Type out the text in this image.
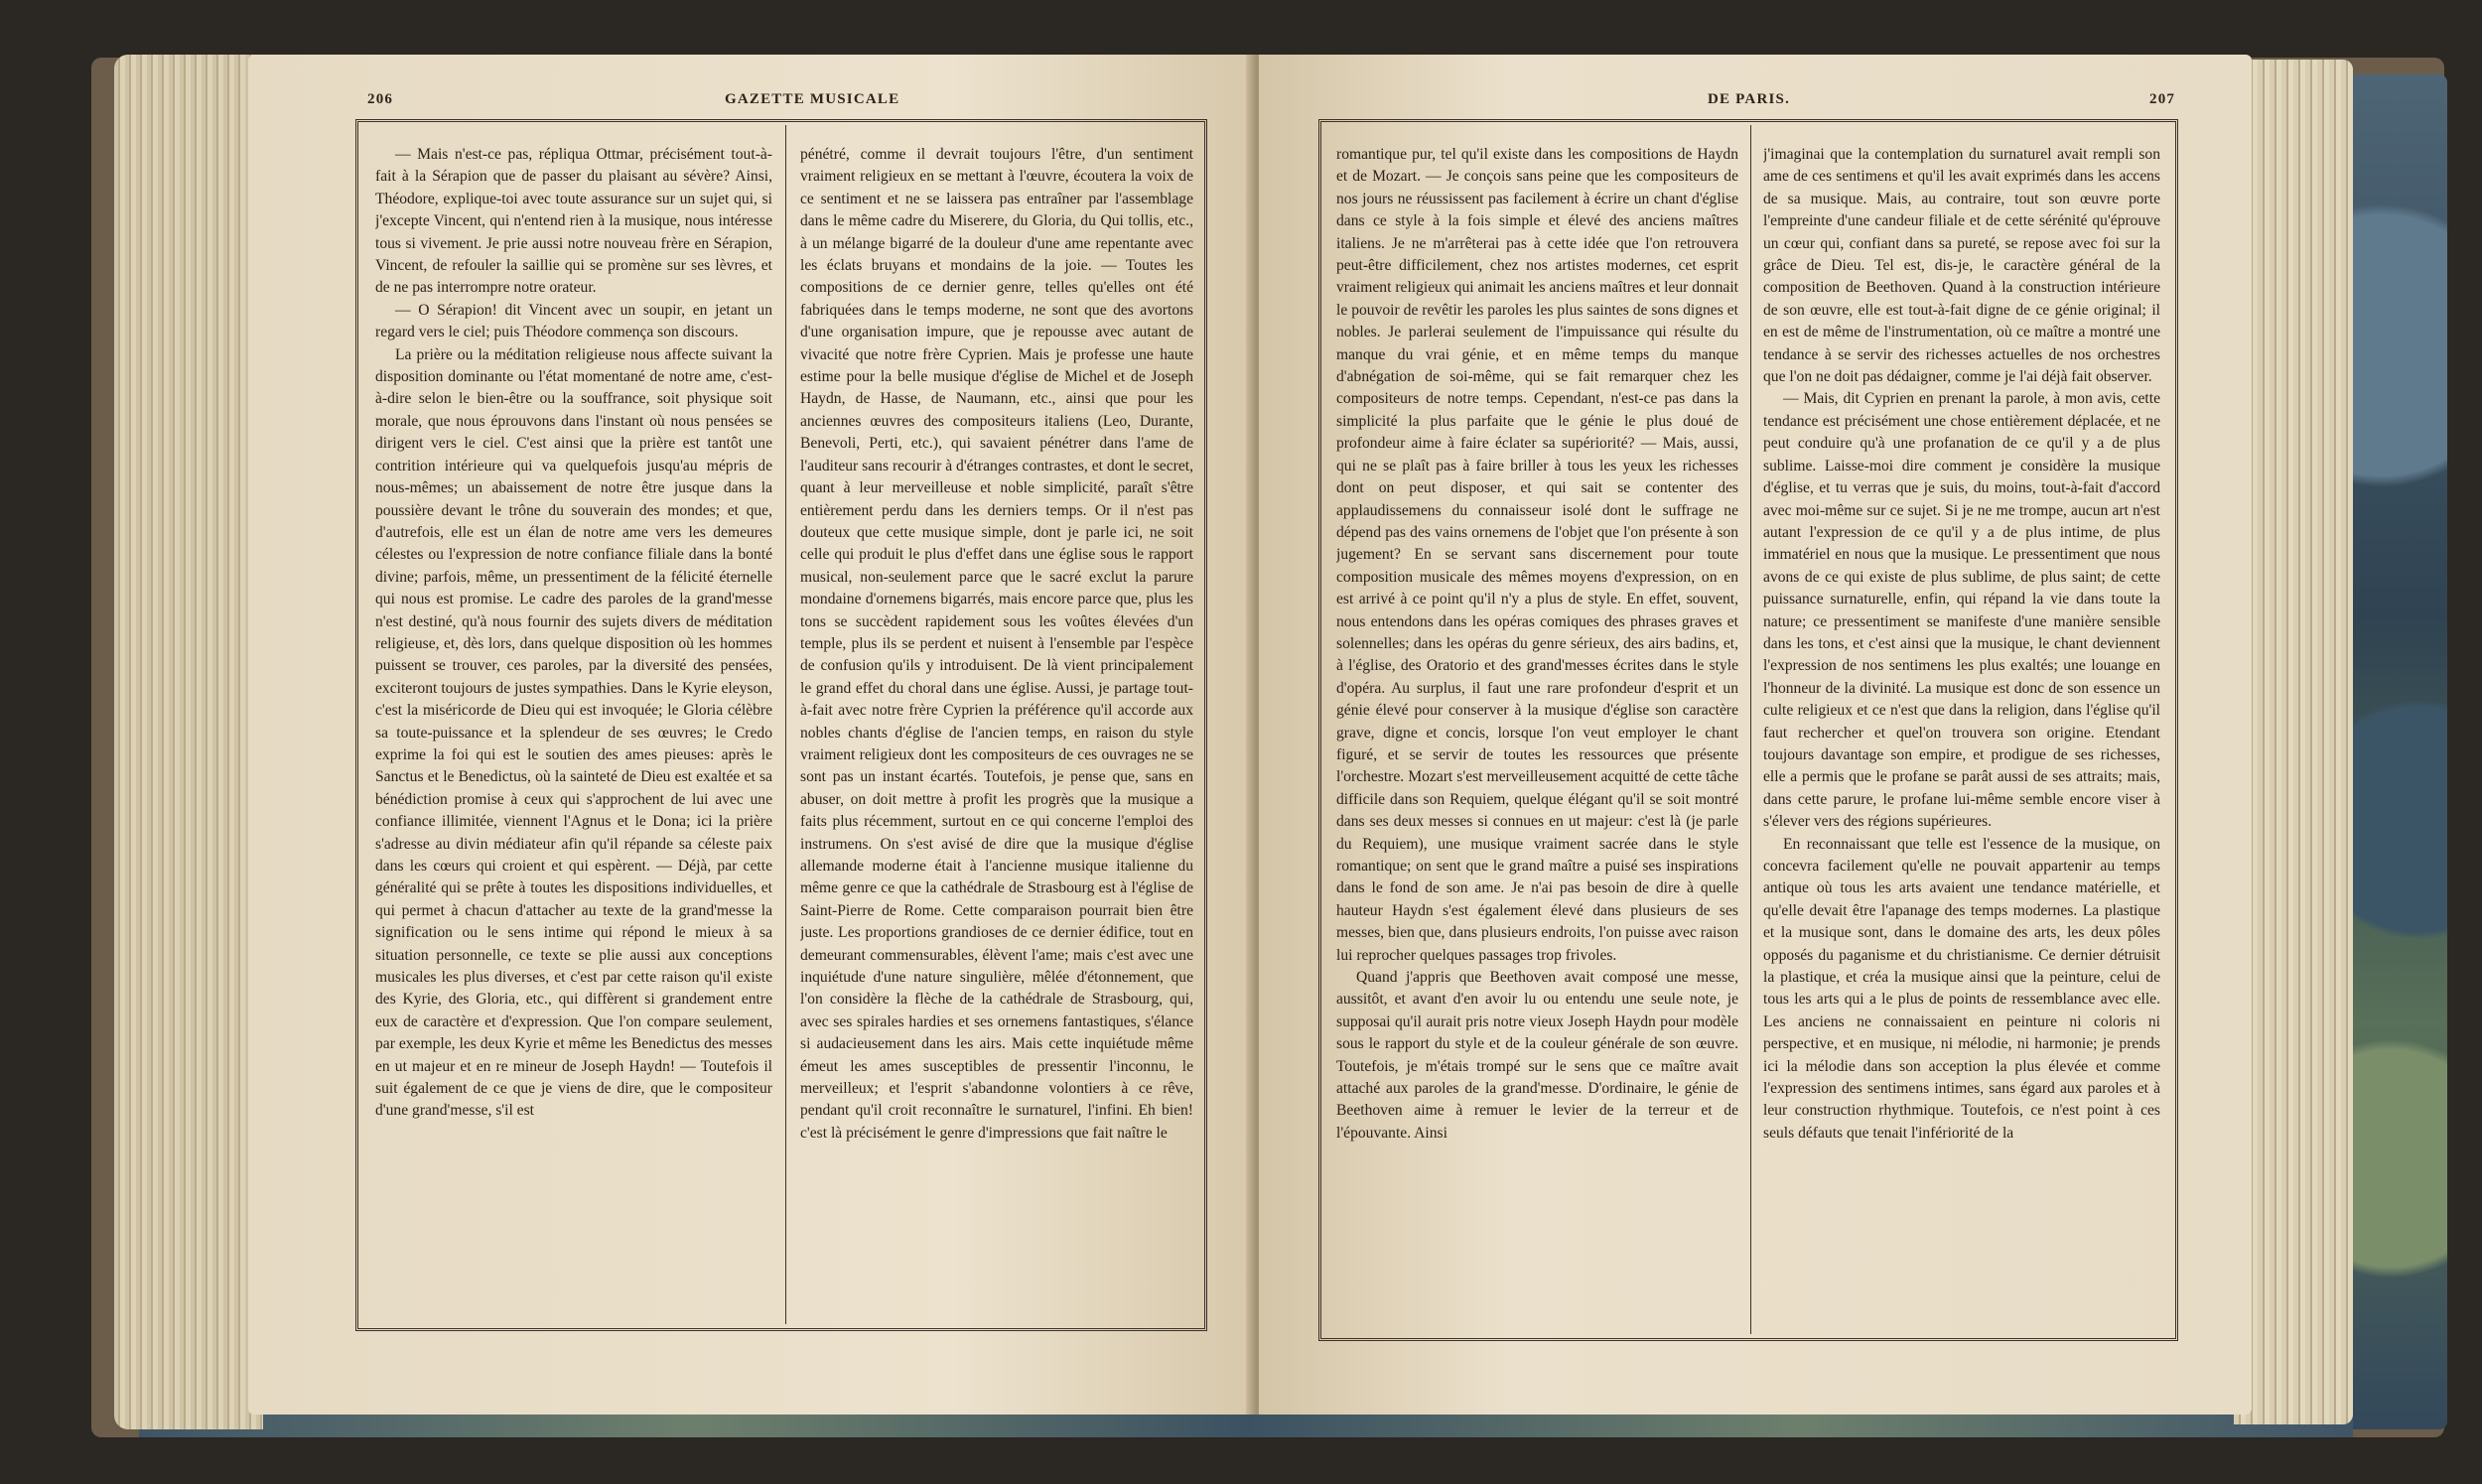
206	GAZETTE MUSICALE

— Mais n'est-ce pas, répliqua Ottmar, précisément tout-à-fait à la Sérapion que de passer du plaisant au sévère? Ainsi, Théodore, explique-toi avec toute assurance sur un sujet qui, si j'excepte Vincent, qui n'entend rien à la musique, nous intéresse tous si vivement. Je prie aussi notre nouveau frère en Sérapion, Vincent, de refouler la saillie qui se promène sur ses lèvres, et de ne pas interrompre notre orateur.

— O Sérapion! dit Vincent avec un soupir, en jetant un regard vers le ciel; puis Théodore commença son discours.

La prière ou la méditation religieuse nous affecte suivant la disposition dominante ou l'état momentané de notre ame, c'est-à-dire selon le bien-être ou la souffrance, soit physique soit morale, que nous éprouvons dans l'instant où nous pensées se dirigent vers le ciel. C'est ainsi que la prière est tantôt une contrition intérieure qui va quelquefois jusqu'au mépris de nous-mêmes; un abaissement de notre être jusque dans la poussière devant le trône du souverain des mondes; et que, d'autrefois, elle est un élan de notre ame vers les demeures célestes ou l'expression de notre confiance filiale dans la bonté divine; parfois, même, un pressentiment de la félicité éternelle qui nous est promise. Le cadre des paroles de la grand'messe n'est destiné, qu'à nous fournir des sujets divers de méditation religieuse, et, dès lors, dans quelque disposition où les hommes puissent se trouver, ces paroles, par la diversité des pensées, exciteront toujours de justes sympathies. Dans le Kyrie eleyson, c'est la miséricorde de Dieu qui est invoquée; le Gloria célèbre sa toute-puissance et la splendeur de ses œuvres; le Credo exprime la foi qui est le soutien des ames pieuses: après le Sanctus et le Benedictus, où la sainteté de Dieu est exaltée et sa bénédiction promise à ceux qui s'approchent de lui avec une confiance illimitée, viennent l'Agnus et le Dona; ici la prière s'adresse au divin médiateur afin qu'il répande sa céleste paix dans les cœurs qui croient et qui espèrent. — Déjà, par cette généralité qui se prête à toutes les dispositions individuelles, et qui permet à chacun d'attacher au texte de la grand'messe la signification ou le sens intime qui répond le mieux à sa situation personnelle, ce texte se plie aussi aux conceptions musicales les plus diverses, et c'est par cette raison qu'il existe des Kyrie, des Gloria, etc., qui diffèrent si grandement entre eux de caractère et d'expression. Que l'on compare seulement, par exemple, les deux Kyrie et même les Benedictus des messes en ut majeur et en re mineur de Joseph Haydn! — Toutefois il suit également de ce que je viens de dire, que le compositeur d'une grand'messe, s'il est

pénétré, comme il devrait toujours l'être, d'un sentiment vraiment religieux en se mettant à l'œuvre, écoutera la voix de ce sentiment et ne se laissera pas entraîner par l'assemblage dans le même cadre du Miserere, du Gloria, du Qui tollis, etc., à un mélange bigarré de la douleur d'une ame repentante avec les éclats bruyans et mondains de la joie. — Toutes les compositions de ce dernier genre, telles qu'elles ont été fabriquées dans le temps moderne, ne sont que des avortons d'une organisation impure, que je repousse avec autant de vivacité que notre frère Cyprien. Mais je professe une haute estime pour la belle musique d'église de Michel et de Joseph Haydn, de Hasse, de Naumann, etc., ainsi que pour les anciennes œuvres des compositeurs italiens (Leo, Durante, Benevoli, Perti, etc.), qui savaient pénétrer dans l'ame de l'auditeur sans recourir à d'étranges contrastes, et dont le secret, quant à leur merveilleuse et noble simplicité, paraît s'être entièrement perdu dans les derniers temps. Or il n'est pas douteux que cette musique simple, dont je parle ici, ne soit celle qui produit le plus d'effet dans une église sous le rapport musical, non-seulement parce que le sacré exclut la parure mondaine d'ornemens bigarrés, mais encore parce que, plus les tons se succèdent rapidement sous les voûtes élevées d'un temple, plus ils se perdent et nuisent à l'ensemble par l'espèce de confusion qu'ils y introduisent. De là vient principalement le grand effet du choral dans une église. Aussi, je partage tout-à-fait avec notre frère Cyprien la préférence qu'il accorde aux nobles chants d'église de l'ancien temps, en raison du style vraiment religieux dont les compositeurs de ces ouvrages ne se sont pas un instant écartés. Toutefois, je pense que, sans en abuser, on doit mettre à profit les progrès que la musique a faits plus récemment, surtout en ce qui concerne l'emploi des instrumens. On s'est avisé de dire que la musique d'église allemande moderne était à l'ancienne musique italienne du même genre ce que la cathédrale de Strasbourg est à l'église de Saint-Pierre de Rome. Cette comparaison pourrait bien être juste. Les proportions grandioses de ce dernier édifice, tout en demeurant commensurables, élèvent l'ame; mais c'est avec une inquiétude d'une nature singulière, mêlée d'étonnement, que l'on considère la flèche de la cathédrale de Strasbourg, qui, avec ses spirales hardies et ses ornemens fantastiques, s'élance si audacieusement dans les airs. Mais cette inquiétude même émeut les ames susceptibles de pressentir l'inconnu, le merveilleux; et l'esprit s'abandonne volontiers à ce rêve, pendant qu'il croit reconnaître le surnaturel, l'infini. Eh bien! c'est là précisément le genre d'impressions que fait naître le

DE PARIS.	207

romantique pur, tel qu'il existe dans les compositions de Haydn et de Mozart. — Je conçois sans peine que les compositeurs de nos jours ne réussissent pas facilement à écrire un chant d'église dans ce style à la fois simple et élevé des anciens maîtres italiens. Je ne m'arrêterai pas à cette idée que l'on retrouvera peut-être difficilement, chez nos artistes modernes, cet esprit vraiment religieux qui animait les anciens maîtres et leur donnait le pouvoir de revêtir les paroles les plus saintes de sons dignes et nobles. Je parlerai seulement de l'impuissance qui résulte du manque du vrai génie, et en même temps du manque d'abnégation de soi-même, qui se fait remarquer chez les compositeurs de notre temps. Cependant, n'est-ce pas dans la simplicité la plus parfaite que le génie le plus doué de profondeur aime à faire éclater sa supériorité? — Mais, aussi, qui ne se plaît pas à faire briller à tous les yeux les richesses dont on peut disposer, et qui sait se contenter des applaudissemens du connaisseur isolé dont le suffrage ne dépend pas des vains ornemens de l'objet que l'on présente à son jugement? En se servant sans discernement pour toute composition musicale des mêmes moyens d'expression, on en est arrivé à ce point qu'il n'y a plus de style. En effet, souvent, nous entendons dans les opéras comiques des phrases graves et solennelles; dans les opéras du genre sérieux, des airs badins, et, à l'église, des Oratorio et des grand'messes écrites dans le style d'opéra. Au surplus, il faut une rare profondeur d'esprit et un génie élevé pour conserver à la musique d'église son caractère grave, digne et concis, lorsque l'on veut employer le chant figuré, et se servir de toutes les ressources que présente l'orchestre. Mozart s'est merveilleusement acquitté de cette tâche difficile dans son Requiem, quelque élégant qu'il se soit montré dans ses deux messes si connues en ut majeur: c'est là (je parle du Requiem), une musique vraiment sacrée dans le style romantique; on sent que le grand maître a puisé ses inspirations dans le fond de son ame. Je n'ai pas besoin de dire à quelle hauteur Haydn s'est également élevé dans plusieurs de ses messes, bien que, dans plusieurs endroits, l'on puisse avec raison lui reprocher quelques passages trop frivoles.

Quand j'appris que Beethoven avait composé une messe, aussitôt, et avant d'en avoir lu ou entendu une seule note, je supposai qu'il aurait pris notre vieux Joseph Haydn pour modèle sous le rapport du style et de la couleur générale de son œuvre. Toutefois, je m'étais trompé sur le sens que ce maître avait attaché aux paroles de la grand'messe. D'ordinaire, le génie de Beethoven aime à remuer le levier de la terreur et de l'épouvante. Ainsi

j'imaginai que la contemplation du surnaturel avait rempli son ame de ces sentimens et qu'il les avait exprimés dans les accens de sa musique. Mais, au contraire, tout son œuvre porte l'empreinte d'une candeur filiale et de cette sérénité qu'éprouve un cœur qui, confiant dans sa pureté, se repose avec foi sur la grâce de Dieu. Tel est, dis-je, le caractère général de la composition de Beethoven. Quand à la construction intérieure de son œuvre, elle est tout-à-fait digne de ce génie original; il en est de même de l'instrumentation, où ce maître a montré une tendance à se servir des richesses actuelles de nos orchestres que l'on ne doit pas dédaigner, comme je l'ai déjà fait observer.

— Mais, dit Cyprien en prenant la parole, à mon avis, cette tendance est précisément une chose entièrement déplacée, et ne peut conduire qu'à une profanation de ce qu'il y a de plus sublime. Laisse-moi dire comment je considère la musique d'église, et tu verras que je suis, du moins, tout-à-fait d'accord avec moi-même sur ce sujet. Si je ne me trompe, aucun art n'est autant l'expression de ce qu'il y a de plus intime, de plus immatériel en nous que la musique. Le pressentiment que nous avons de ce qui existe de plus sublime, de plus saint; de cette puissance surnaturelle, enfin, qui répand la vie dans toute la nature; ce pressentiment se manifeste d'une manière sensible dans les tons, et c'est ainsi que la musique, le chant deviennent l'expression de nos sentimens les plus exaltés; une louange en l'honneur de la divinité. La musique est donc de son essence un culte religieux et ce n'est que dans la religion, dans l'église qu'il faut rechercher et quel'on trouvera son origine. Etendant toujours davantage son empire, et prodigue de ses richesses, elle a permis que le profane se parât aussi de ses attraits; mais, dans cette parure, le profane lui-même semble encore viser à s'élever vers des régions supérieures.

En reconnaissant que telle est l'essence de la musique, on concevra facilement qu'elle ne pouvait appartenir au temps antique où tous les arts avaient une tendance matérielle, et qu'elle devait être l'apanage des temps modernes. La plastique et la musique sont, dans le domaine des arts, les deux pôles opposés du paganisme et du christianisme. Ce dernier détruisit la plastique, et créa la musique ainsi que la peinture, celui de tous les arts qui a le plus de points de ressemblance avec elle. Les anciens ne connaissaient en peinture ni coloris ni perspective, et en musique, ni mélodie, ni harmonie; je prends ici la mélodie dans son acception la plus élevée et comme l'expression des sentimens intimes, sans égard aux paroles et à leur construction rhythmique. Toutefois, ce n'est point à ces seuls défauts que tenait l'infériorité de la
